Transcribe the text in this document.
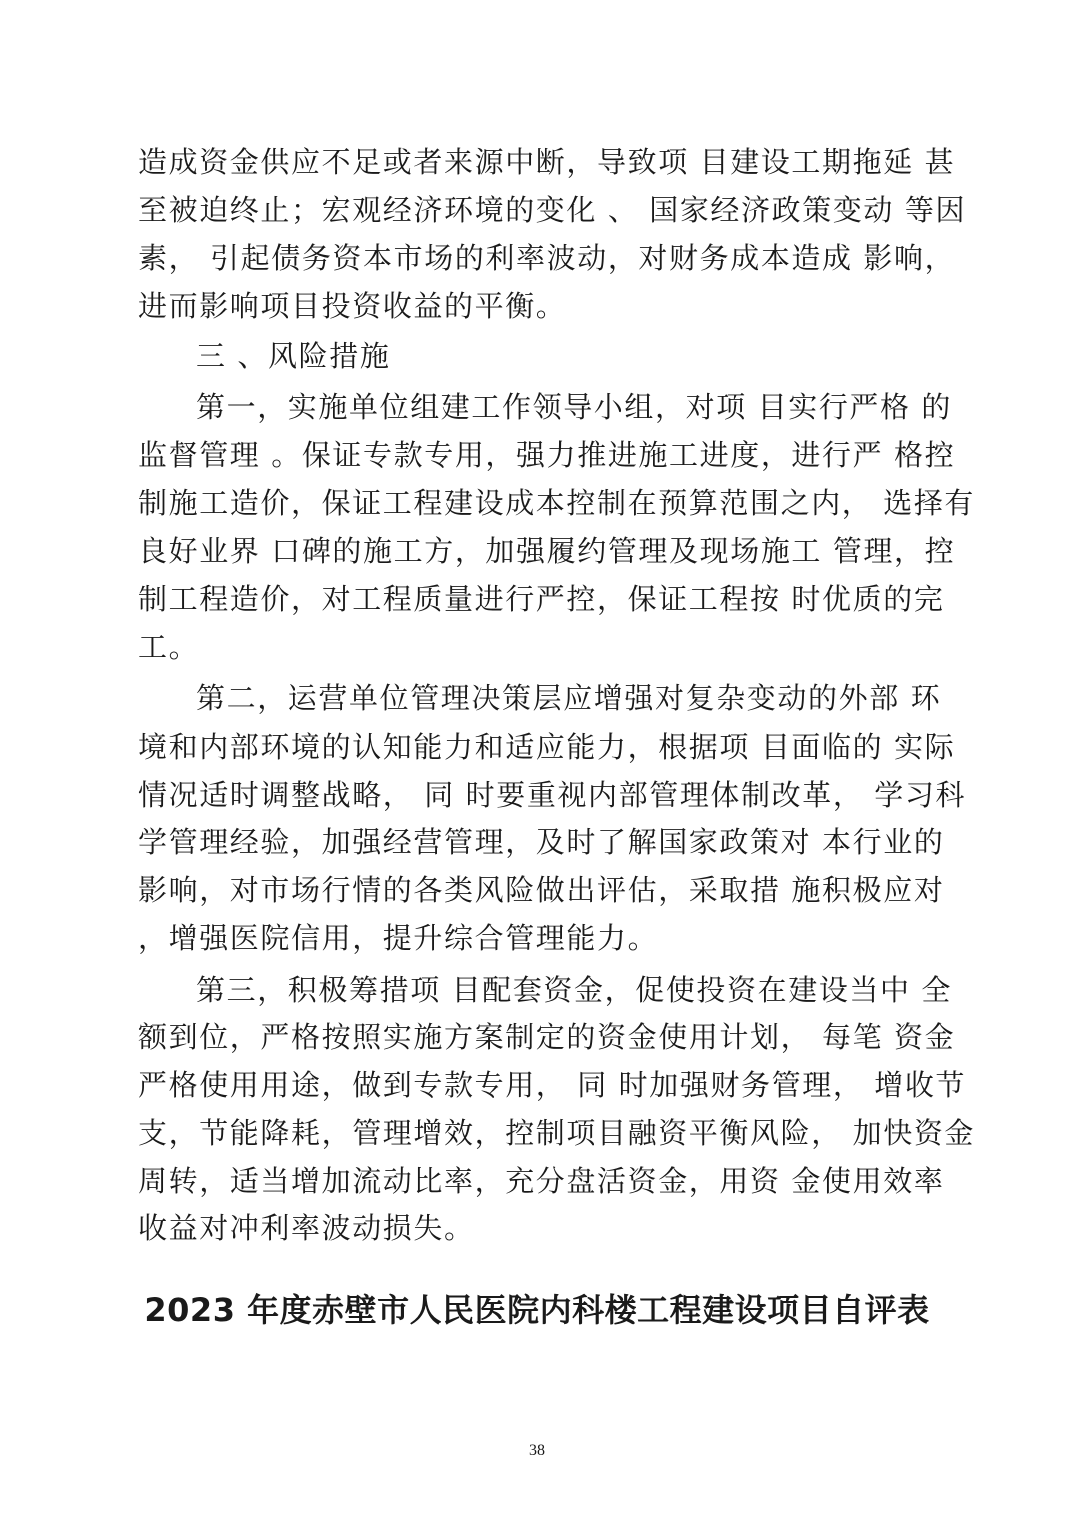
造成资金供应不足或者来源中断，导致项 目建设工期拖延 甚
至被迫终止；宏观经济环境的变化 、 国家经济政策变动 等因
素， 引起债务资本市场的利率波动，对财务成本造成 影响，
进而影响项目投资收益的平衡。
三 、风险措施
第一，实施单位组建工作领导小组，对项 目实行严格 的
监督管理 。保证专款专用，强力推进施工进度，进行严 格控
制施工造价，保证工程建设成本控制在预算范围之内， 选择有
良好业界 口碑的施工方，加强履约管理及现场施工 管理，控
制工程造价，对工程质量进行严控，保证工程按 时优质的完
工。
第二，运营单位管理决策层应增强对复杂变动的外部 环
境和内部环境的认知能力和适应能力，根据项 目面临的 实际
情况适时调整战略， 同 时要重视内部管理体制改革， 学习科
学管理经验，加强经营管理，及时了解国家政策对 本行业的
影响，对市场行情的各类风险做出评估，采取措 施积极应对
，增强医院信用，提升综合管理能力。
第三，积极筹措项 目配套资金，促使投资在建设当中 全
额到位，严格按照实施方案制定的资金使用计划， 每笔 资金
严格使用用途，做到专款专用， 同 时加强财务管理， 增收节
支，节能降耗，管理增效，控制项目融资平衡风险， 加快资金
周转，适当增加流动比率，充分盘活资金，用资 金使用效率
收益对冲利率波动损失。
2023 年度赤壁市人民医院内科楼工程建设项目自评表
38
